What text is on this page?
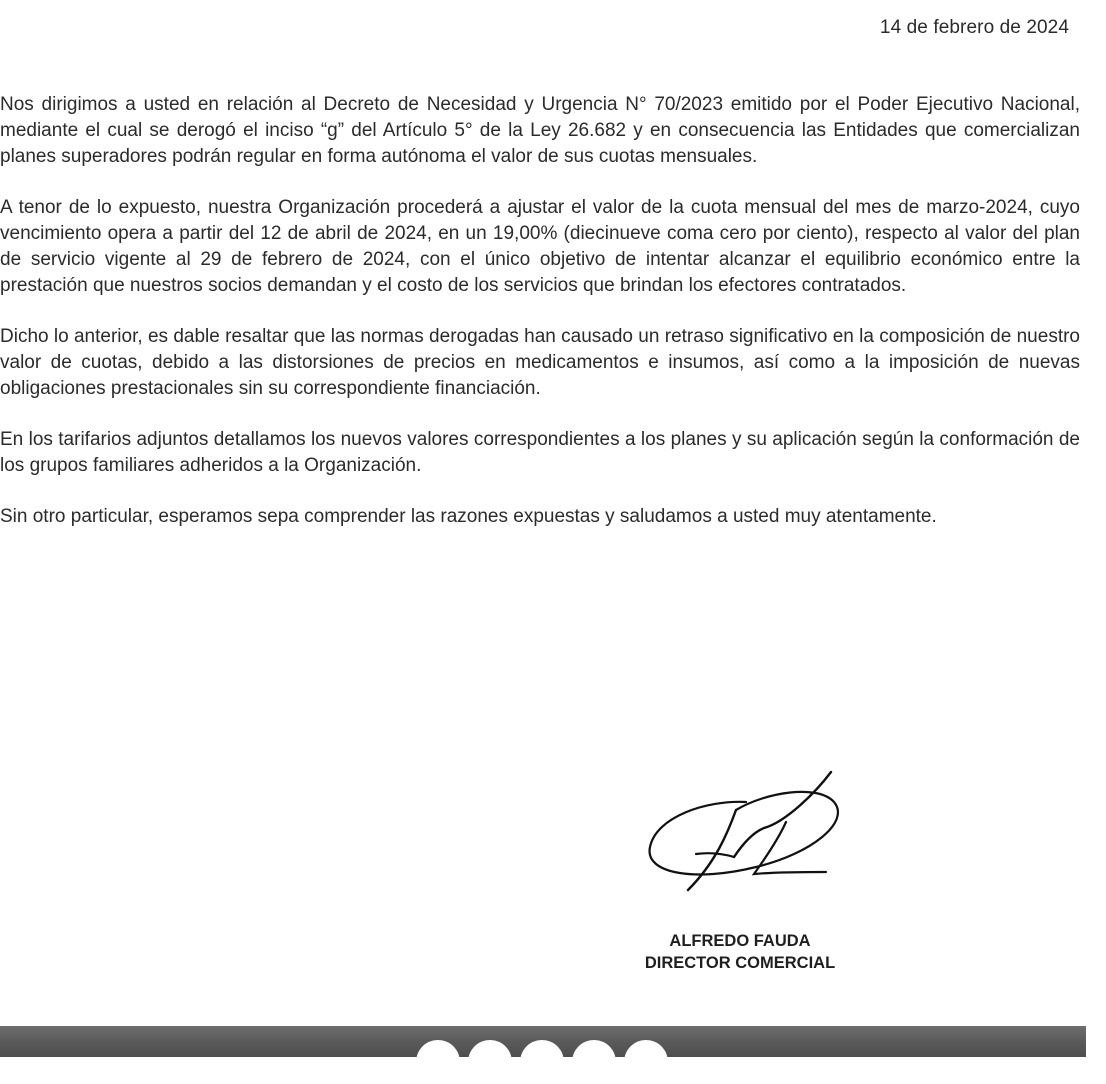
14 de febrero de 2024

Nos dirigimos a usted en relación al Decreto de Necesidad y Urgencia N° 70/2023 emitido por el Poder Ejecutivo Nacional, mediante el cual se derogó el inciso “g” del Artículo 5° de la Ley 26.682 y en consecuencia las Entidades que comercializan planes superadores podrán regular en forma autónoma el valor de sus cuotas mensuales.

A tenor de lo expuesto, nuestra Organización procederá a ajustar el valor de la cuota mensual del mes de marzo-2024, cuyo vencimiento opera a partir del 12 de abril de 2024, en un 19,00% (diecinueve coma cero por ciento), respecto al valor del plan de servicio vigente al 29 de febrero de 2024, con el único objetivo de intentar alcanzar el equilibrio económico entre la prestación que nuestros socios demandan y el costo de los servicios que brindan los efectores contratados.

Dicho lo anterior, es dable resaltar que las normas derogadas han causado un retraso significativo en la composición de nuestro valor de cuotas, debido a las distorsiones de precios en medicamentos e insumos, así como a la imposición de nuevas obligaciones prestacionales sin su correspondiente financiación.

En los tarifarios adjuntos detallamos los nuevos valores correspondientes a los planes y su aplicación según la conformación de los grupos familiares adheridos a la Organización.

Sin otro particular, esperamos sepa comprender las razones expuestas y saludamos a usted muy atentamente.

ALFREDO FAUDA
DIRECTOR COMERCIAL
